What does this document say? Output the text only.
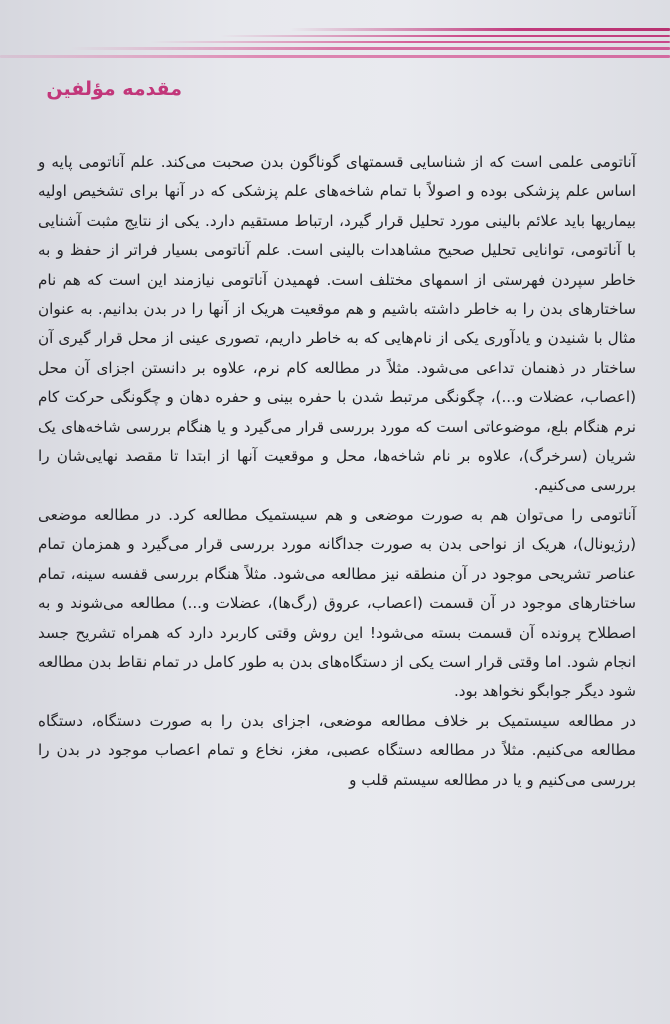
مقدمه مؤلفین

آناتومی علمی است که از شناسایی قسمتهای گوناگون بدن صحبت می‌کند. علم آناتومی پایه و اساس علم پزشکی بوده و اصولاً با تمام شاخه‌های علم پزشکی که در آنها برای تشخیص اولیه بیماریها باید علائم بالینی مورد تحلیل قرار گیرد، ارتباط مستقیم دارد. یکی از نتایج مثبت آشنایی با آناتومی، توانایی تحلیل صحیح مشاهدات بالینی است. علم آناتومی بسیار فراتر از حفظ و به خاطر سپردن فهرستی از اسمهای مختلف است. فهمیدن آناتومی نیازمند این است که هم نام ساختارهای بدن را به خاطر داشته باشیم و هم موقعیت هریک از آنها را در بدن بدانیم. به عنوان مثال با شنیدن و یادآوری یکی از نام‌هایی که به خاطر داریم، تصوری عینی از محل قرار گیری آن ساختار در ذهنمان تداعی می‌شود. مثلاً در مطالعه کام نرم، علاوه بر دانستن اجزای آن محل (اعصاب، عضلات و...)، چگونگی مرتبط شدن با حفره بینی و حفره دهان و چگونگی حرکت کام نرم هنگام بلع، موضوعاتی است که مورد بررسی قرار می‌گیرد و یا هنگام بررسی شاخه‌های یک شریان (سرخرگ)، علاوه بر نام شاخه‌ها، محل و موقعیت آنها از ابتدا تا مقصد نهایی‌شان را بررسی می‌کنیم.

آناتومی را می‌توان هم به صورت موضعی و هم سیستمیک مطالعه کرد. در مطالعه موضعی (رژیونال)، هریک از نواحی بدن به صورت جداگانه مورد بررسی قرار می‌گیرد و همزمان تمام عناصر تشریحی موجود در آن منطقه نیز مطالعه می‌شود. مثلاً هنگام بررسی قفسه سینه، تمام ساختارهای موجود در آن قسمت (اعصاب، عروق (رگ‌ها)، عضلات و...) مطالعه می‌شوند و به اصطلاح پرونده آن قسمت بسته می‌شود! این روش وقتی کاربرد دارد که همراه تشریح جسد انجام شود. اما وقتی قرار است یکی از دستگاه‌های بدن به طور کامل در تمام نقاط بدن مطالعه شود دیگر جوابگو نخواهد بود.

در مطالعه سیستمیک بر خلاف مطالعه موضعی، اجزای بدن را به صورت دستگاه، دستگاه مطالعه می‌کنیم. مثلاً در مطالعه دستگاه عصبی، مغز، نخاع و تمام اعصاب موجود در بدن را بررسی می‌کنیم و یا در مطالعه سیستم قلب و
